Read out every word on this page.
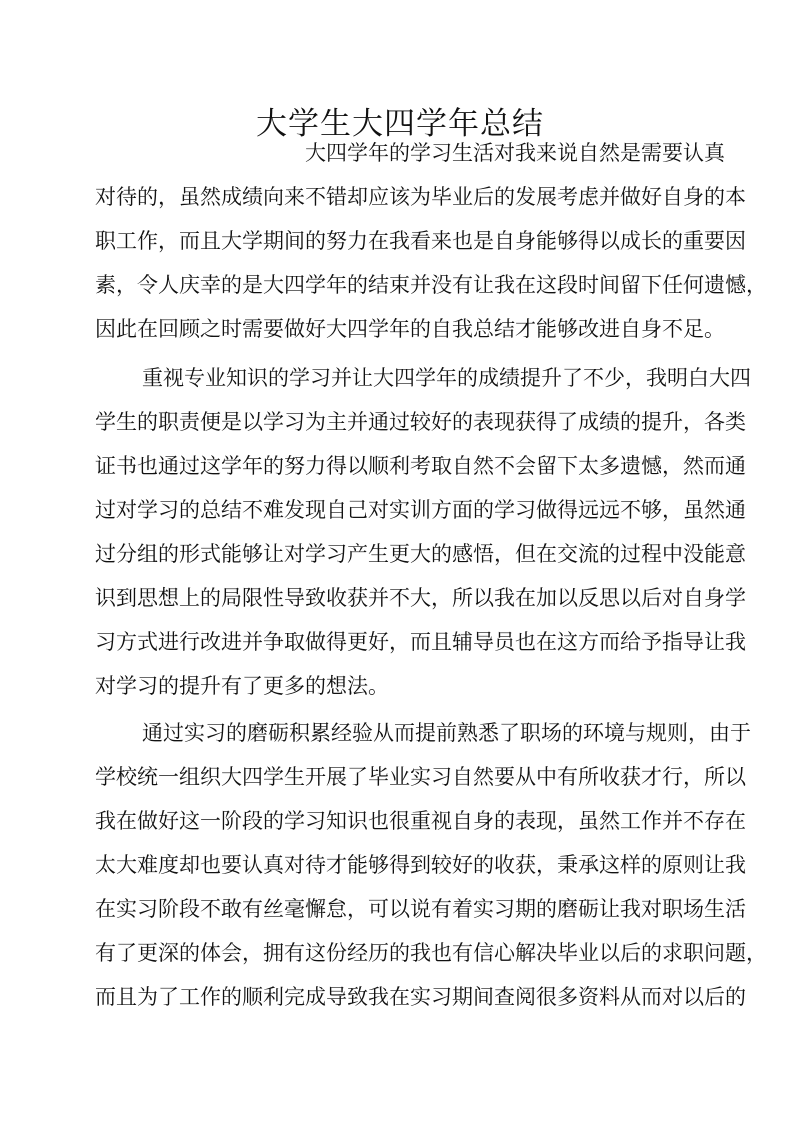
大学生大四学年总结
大四学年的学习生活对我来说自然是需要认真
对待的，虽然成绩向来不错却应该为毕业后的发展考虑并做好自身的本
职工作，而且大学期间的努力在我看来也是自身能够得以成长的重要因
素，令人庆幸的是大四学年的结束并没有让我在这段时间留下任何遗憾，
因此在回顾之时需要做好大四学年的自我总结才能够改进自身不足。
重视专业知识的学习并让大四学年的成绩提升了不少，我明白大四
学生的职责便是以学习为主并通过较好的表现获得了成绩的提升，各类
证书也通过这学年的努力得以顺利考取自然不会留下太多遗憾，然而通
过对学习的总结不难发现自己对实训方面的学习做得远远不够，虽然通
过分组的形式能够让对学习产生更大的感悟，但在交流的过程中没能意
识到思想上的局限性导致收获并不大，所以我在加以反思以后对自身学
习方式进行改进并争取做得更好，而且辅导员也在这方而给予指导让我
对学习的提升有了更多的想法。
通过实习的磨砺积累经验从而提前熟悉了职场的环境与规则，由于
学校统一组织大四学生开展了毕业实习自然要从中有所收获才行，所以
我在做好这一阶段的学习知识也很重视自身的表现，虽然工作并不存在
太大难度却也要认真对待才能够得到较好的收获，秉承这样的原则让我
在实习阶段不敢有丝毫懈怠，可以说有着实习期的磨砺让我对职场生活
有了更深的体会，拥有这份经历的我也有信心解决毕业以后的求职问题，
而且为了工作的顺利完成导致我在实习期间查阅很多资料从而对以后的
